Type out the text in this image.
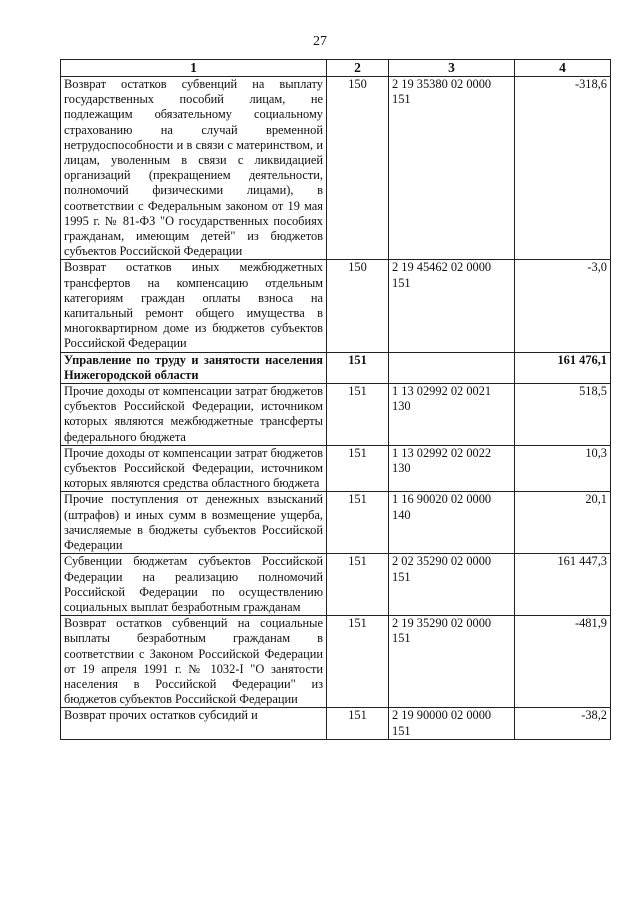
27
1	2	3	4
Возврат остатков субвенций на выплату государственных пособий лицам, не подлежащим обязательному социальному страхованию на случай временной нетрудоспособности и в связи с материнством, и лицам, уволенным в связи с ликвидацией организаций (прекращением деятельности, полномочий физическими лицами), в соответствии с Федеральным законом от 19 мая 1995 г. № 81-ФЗ "О государственных пособиях гражданам, имеющим детей" из бюджетов субъектов Российской Федерации	150	2 19 35380 02 0000 151	-318,6
Возврат остатков иных межбюджетных трансфертов на компенсацию отдельным категориям граждан оплаты взноса на капитальный ремонт общего имущества в многоквартирном доме из бюджетов субъектов Российской Федерации	150	2 19 45462 02 0000 151	-3,0
Управление по труду и занятости населения Нижегородской области	151		161 476,1
Прочие доходы от компенсации затрат бюджетов субъектов Российской Федерации, источником которых являются межбюджетные трансферты федерального бюджета	151	1 13 02992 02 0021 130	518,5
Прочие доходы от компенсации затрат бюджетов субъектов Российской Федерации, источником которых являются средства областного бюджета	151	1 13 02992 02 0022 130	10,3
Прочие поступления от денежных взысканий (штрафов) и иных сумм в возмещение ущерба, зачисляемые в бюджеты субъектов Российской Федерации	151	1 16 90020 02 0000 140	20,1
Субвенции бюджетам субъектов Российской Федерации на реализацию полномочий Российской Федерации по осуществлению социальных выплат безработным гражданам	151	2 02 35290 02 0000 151	161 447,3
Возврат остатков субвенций на социальные выплаты безработным гражданам в соответствии с Законом Российской Федерации от 19 апреля 1991 г. № 1032-I "О занятости населения в Российской Федерации" из бюджетов субъектов Российской Федерации	151	2 19 35290 02 0000 151	-481,9
Возврат прочих остатков субсидий и	151	2 19 90000 02 0000 151	-38,2
